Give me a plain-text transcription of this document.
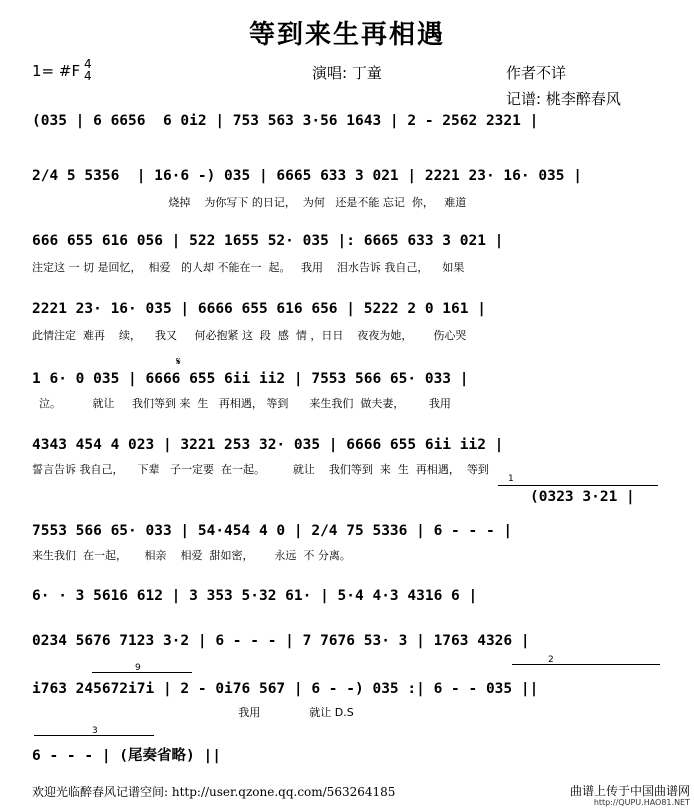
等到来生再相遇
1= #F 4
4	演唱: 丁童	作者不详
记谱: 桃李醉春风
(035 | 6 6656  6 0i2 | 753 563 3·56 1643 | 2 - 2562 2321 |
2/4 5 5356  | 16·6 -) 035 | 6665 633 3 021 | 2221 23· 16· 035 |
烧掉    为你写下 的日记，  为何   还是不能 忘记  你，   难道
666 655 616 056 | 522 1655 52· 035 |: 6665 633 3 021 |
注定这 一 切 是回忆，  相爱   的人却 不能在一  起。   我用    泪水告诉 我自己，    如果
2221 23· 16· 035 | 6666 655 616 656 | 5222 2 0 161 |
此情注定  难再    续，    我又     何必抱紧 这  段  感  情 ，日日    夜夜为她，      伤心哭
𝄋
1 6· 0 035 | 6666 655 6ii ii2 | 7553 566 65· 033 |
泣。         就让     我们等到 来  生   再相遇， 等到      来生我们  做夫妻，       我用
4343 454 4 023 | 3221 253 32· 035 | 6666 655 6ii ii2 |
誓言告诉 我自己，    下辈   子一定要  在一起。        就让    我们等到  来  生  再相遇，  等到
1
(0323 3·21 |
7553 566 65· 033 | 54·454 4 0 | 2/4 75 5336 | 6 - - - |
来生我们  在一起，     相亲    相爱  甜如密，      永远  不 分离。
6· · 3 5616 612 | 3 353 5·32 61· | 5·4 4·3 4316 6 |
0234 5676 7123 3·2 | 6 - - - | 7 7676 53· 3 | 1763 4326 |
2
9
i763 245672i7i | 2 - 0i76 567 | 6 - -) 035 :| 6 - - 035 ||
我用              就让 D.S
3
6 - - - | (尾奏省略) ||
欢迎光临醉春风记谱空间: http://user.qzone.qq.com/563264185	曲谱上传于中国曲谱网
http://QUPU.HAO81.NET
